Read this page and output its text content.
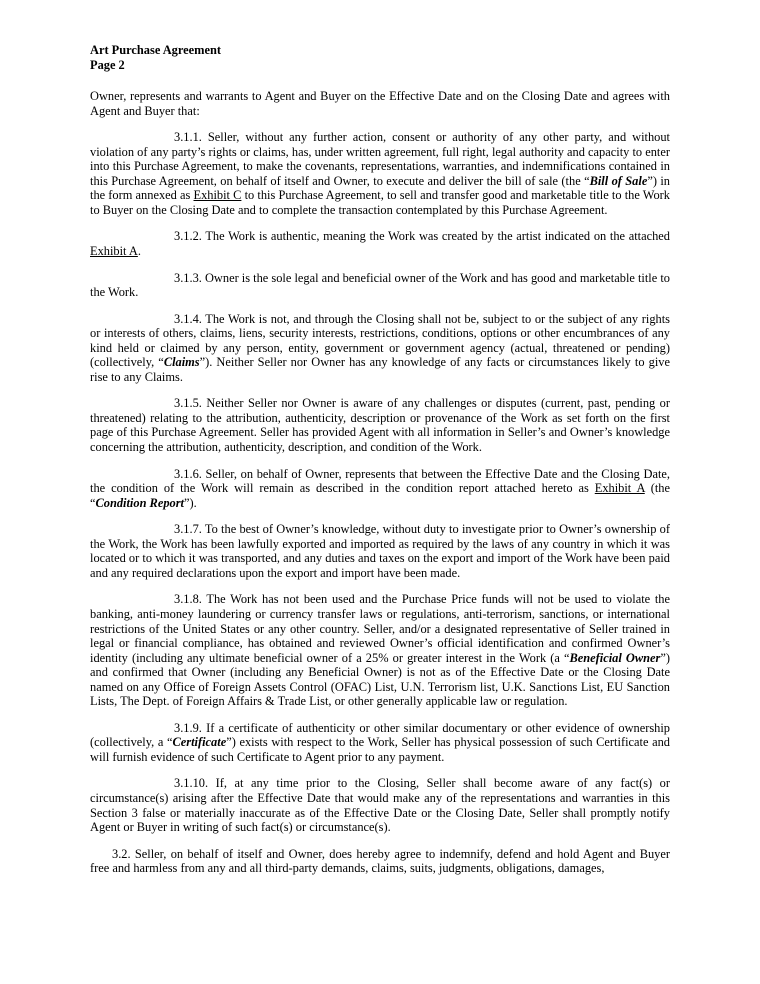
Art Purchase Agreement
Page 2

Owner, represents and warrants to Agent and Buyer on the Effective Date and on the Closing Date and agrees with Agent and Buyer that:

3.1.1. Seller, without any further action, consent or authority of any other party, and without violation of any party’s rights or claims, has, under written agreement, full right, legal authority and capacity to enter into this Purchase Agreement, to make the covenants, representations, warranties, and indemnifications contained in this Purchase Agreement, on behalf of itself and Owner, to execute and deliver the bill of sale (the “Bill of Sale”) in the form annexed as Exhibit C to this Purchase Agreement, to sell and transfer good and marketable title to the Work to Buyer on the Closing Date and to complete the transaction contemplated by this Purchase Agreement.

3.1.2. The Work is authentic, meaning the Work was created by the artist indicated on the attached Exhibit A.

3.1.3. Owner is the sole legal and beneficial owner of the Work and has good and marketable title to the Work.

3.1.4. The Work is not, and through the Closing shall not be, subject to or the subject of any rights or interests of others, claims, liens, security interests, restrictions, conditions, options or other encumbrances of any kind held or claimed by any person, entity, government or government agency (actual, threatened or pending) (collectively, “Claims”). Neither Seller nor Owner has any knowledge of any facts or circumstances likely to give rise to any Claims.

3.1.5. Neither Seller nor Owner is aware of any challenges or disputes (current, past, pending or threatened) relating to the attribution, authenticity, description or provenance of the Work as set forth on the first page of this Purchase Agreement. Seller has provided Agent with all information in Seller’s and Owner’s knowledge concerning the attribution, authenticity, description, and condition of the Work.

3.1.6. Seller, on behalf of Owner, represents that between the Effective Date and the Closing Date, the condition of the Work will remain as described in the condition report attached hereto as Exhibit A (the “Condition Report”).

3.1.7. To the best of Owner’s knowledge, without duty to investigate prior to Owner’s ownership of the Work, the Work has been lawfully exported and imported as required by the laws of any country in which it was located or to which it was transported, and any duties and taxes on the export and import of the Work have been paid and any required declarations upon the export and import have been made.

3.1.8. The Work has not been used and the Purchase Price funds will not be used to violate the banking, anti-money laundering or currency transfer laws or regulations, anti-terrorism, sanctions, or international restrictions of the United States or any other country. Seller, and/or a designated representative of Seller trained in legal or financial compliance, has obtained and reviewed Owner’s official identification and confirmed Owner’s identity (including any ultimate beneficial owner of a 25% or greater interest in the Work (a “Beneficial Owner”) and confirmed that Owner (including any Beneficial Owner) is not as of the Effective Date or the Closing Date named on any Office of Foreign Assets Control (OFAC) List, U.N. Terrorism list, U.K. Sanctions List, EU Sanction Lists, The Dept. of Foreign Affairs & Trade List, or other generally applicable law or regulation.

3.1.9. If a certificate of authenticity or other similar documentary or other evidence of ownership (collectively, a “Certificate”) exists with respect to the Work, Seller has physical possession of such Certificate and will furnish evidence of such Certificate to Agent prior to any payment.

3.1.10. If, at any time prior to the Closing, Seller shall become aware of any fact(s) or circumstance(s) arising after the Effective Date that would make any of the representations and warranties in this Section 3 false or materially inaccurate as of the Effective Date or the Closing Date, Seller shall promptly notify Agent or Buyer in writing of such fact(s) or circumstance(s).

3.2. Seller, on behalf of itself and Owner, does hereby agree to indemnify, defend and hold Agent and Buyer free and harmless from any and all third-party demands, claims, suits, judgments, obligations, damages,
